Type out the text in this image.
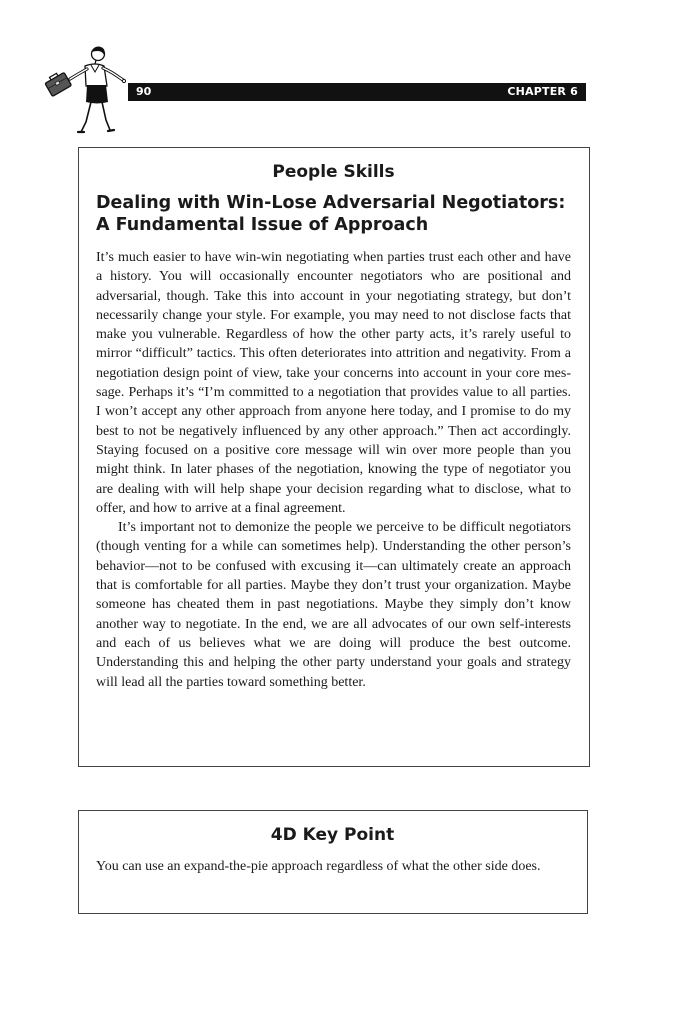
90	CHAPTER 6
People Skills
Dealing with Win-Lose Adversarial Negotiators:
A Fundamental Issue of Approach

It’s much easier to have win-win negotiating when parties trust each other and have a history. You will occasionally encounter negotiators who are positional and adversarial, though. Take this into account in your negotiating strategy, but don’t necessarily change your style. For example, you may need to not disclose facts that make you vulnerable. Regardless of how the other party acts, it’s rarely useful to mirror “difficult” tactics. This often deteriorates into attrition and negativity. From a negotiation design point of view, take your concerns into account in your core message. Perhaps it’s “I’m committed to a negotiation that provides value to all parties. I won’t accept any other approach from anyone here today, and I promise to do my best to not be negatively influenced by any other approach.” Then act accordingly. Staying focused on a positive core message will win over more people than you might think. In later phases of the negotiation, knowing the type of negotiator you are dealing with will help shape your decision regarding what to disclose, what to offer, and how to arrive at a final agreement.

It’s important not to demonize the people we perceive to be difficult negotiators (though venting for a while can sometimes help). Understanding the other person’s behavior—not to be confused with excusing it—can ultimately create an approach that is comfortable for all parties. Maybe they don’t trust your organization. Maybe someone has cheated them in past negotiations. Maybe they simply don’t know another way to negotiate. In the end, we are all advocates of our own self-interests and each of us believes what we are doing will produce the best outcome. Understanding this and helping the other party understand your goals and strategy will lead all the parties toward something better.

4D Key Point

You can use an expand-the-pie approach regardless of what the other side does.
